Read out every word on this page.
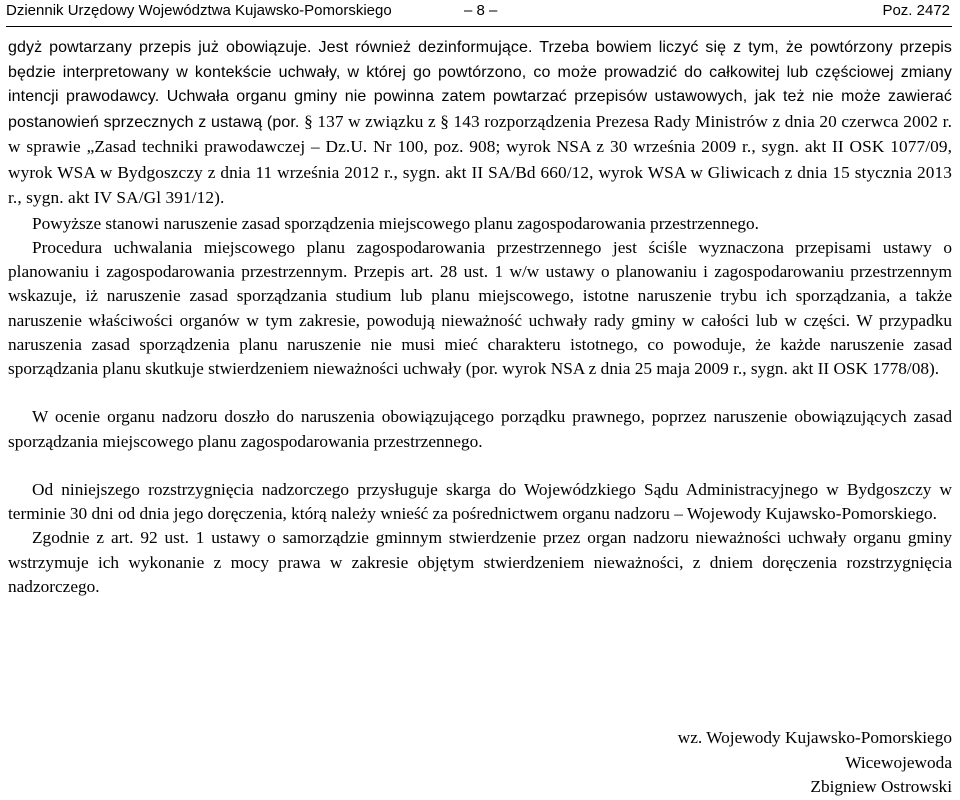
Dziennik Urzędowy Województwa Kujawsko-Pomorskiego	– 8 –	Poz. 2472

gdyż powtarzany przepis już obowiązuje. Jest również dezinformujące. Trzeba bowiem liczyć się z tym, że powtórzony przepis będzie interpretowany w kontekście uchwały, w której go powtórzono, co może prowadzić do całkowitej lub częściowej zmiany intencji prawodawcy. Uchwała organu gminy nie powinna zatem powtarzać przepisów ustawowych, jak też nie może zawierać postanowień sprzecznych z ustawą (por. § 137 w związku z § 143 rozporządzenia Prezesa Rady Ministrów z dnia 20 czerwca 2002 r. w sprawie „Zasad techniki prawodawczej – Dz.U. Nr 100, poz. 908; wyrok NSA z 30 września 2009 r., sygn. akt II OSK 1077/09, wyrok WSA w Bydgoszczy z dnia 11 września 2012 r., sygn. akt II SA/Bd 660/12, wyrok WSA w Gliwicach z dnia 15 stycznia 2013 r., sygn. akt IV SA/Gl 391/12).

Powyższe stanowi naruszenie zasad sporządzenia miejscowego planu zagospodarowania przestrzennego.

Procedura uchwalania miejscowego planu zagospodarowania przestrzennego jest ściśle wyznaczona przepisami ustawy o planowaniu i zagospodarowania przestrzennym. Przepis art. 28 ust. 1 w/w ustawy o planowaniu i zagospodarowaniu przestrzennym wskazuje, iż naruszenie zasad sporządzania studium lub planu miejscowego, istotne naruszenie trybu ich sporządzania, a także naruszenie właściwości organów w tym zakresie, powodują nieważność uchwały rady gminy w całości lub w części. W przypadku naruszenia zasad sporządzenia planu naruszenie nie musi mieć charakteru istotnego, co powoduje, że każde naruszenie zasad sporządzania planu skutkuje stwierdzeniem nieważności uchwały (por. wyrok NSA z dnia 25 maja 2009 r., sygn. akt II OSK 1778/08).

W ocenie organu nadzoru doszło do naruszenia obowiązującego porządku prawnego, poprzez naruszenie obowiązujących zasad sporządzania miejscowego planu zagospodarowania przestrzennego.

Od niniejszego rozstrzygnięcia nadzorczego przysługuje skarga do Wojewódzkiego Sądu Administracyjnego w Bydgoszczy w terminie 30 dni od dnia jego doręczenia, którą należy wnieść za pośrednictwem organu nadzoru – Wojewody Kujawsko-Pomorskiego.

Zgodnie z art. 92 ust. 1 ustawy o samorządzie gminnym stwierdzenie przez organ nadzoru nieważności uchwały organu gminy wstrzymuje ich wykonanie z mocy prawa w zakresie objętym stwierdzeniem nieważności, z dniem doręczenia rozstrzygnięcia nadzorczego.

wz. Wojewody Kujawsko-Pomorskiego
Wicewojewoda
Zbigniew Ostrowski
